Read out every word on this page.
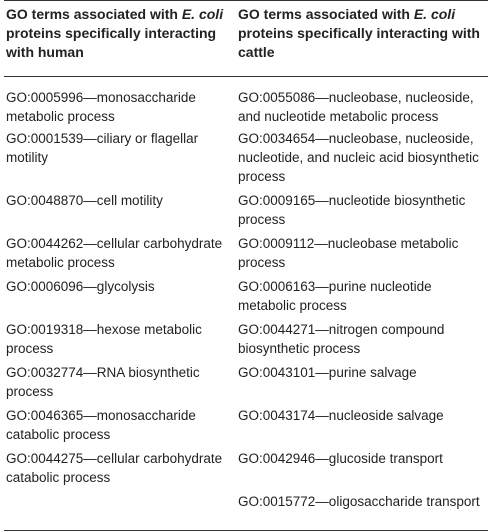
GO terms associated with E. coli proteins specifically interacting with human	GO terms associated with E. coli proteins specifically interacting with cattle
GO:0005996—monosaccharide metabolic process	GO:0055086—nucleobase, nucleoside, and nucleotide metabolic process
GO:0001539—ciliary or flagellar motility	GO:0034654—nucleobase, nucleoside, nucleotide, and nucleic acid biosynthetic process
GO:0048870—cell motility	GO:0009165—nucleotide biosynthetic process
GO:0044262—cellular carbohydrate metabolic process	GO:0009112—nucleobase metabolic process
GO:0006096—glycolysis	GO:0006163—purine nucleotide metabolic process
GO:0019318—hexose metabolic process	GO:0044271—nitrogen compound biosynthetic process
GO:0032774—RNA biosynthetic process	GO:0043101—purine salvage
GO:0046365—monosaccharide catabolic process	GO:0043174—nucleoside salvage
GO:0044275—cellular carbohydrate catabolic process	GO:0042946—glucoside transport
	GO:0015772—oligosaccharide transport
